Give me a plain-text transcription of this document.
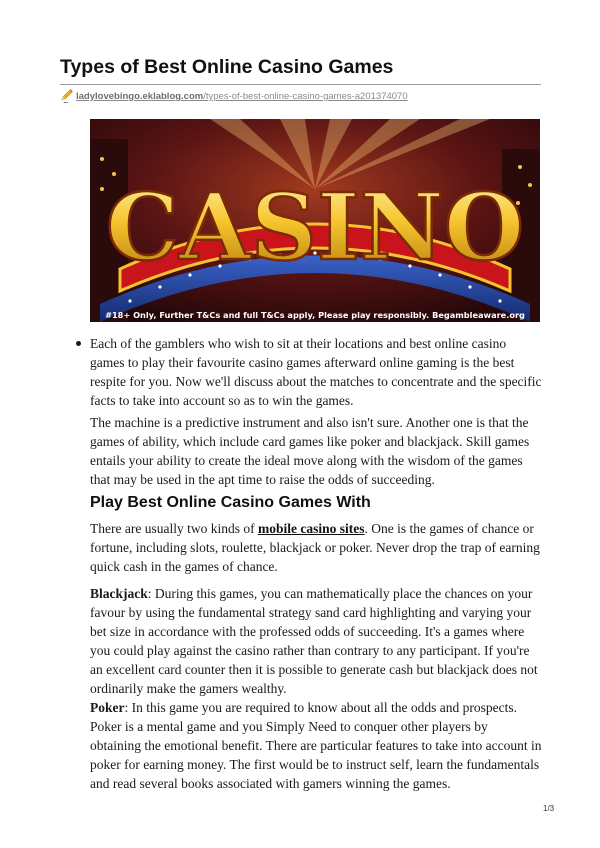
Types of Best Online Casino Games
... ladylovebingo.eklablog.com/types-of-best-online-casino-games-a201374070
CASINO
#18+ Only, Further T&Cs and full T&Cs apply, Please play responsibly. Begambleaware.org
Each of the gamblers who wish to sit at their locations and best online casino games to play their favourite casino games afterward online gaming is the best respite for you. Now we'll discuss about the matches to concentrate and the specific facts to take into account so as to win the games.

The machine is a predictive instrument and also isn't sure. Another one is that the games of ability, which include card games like poker and blackjack. Skill games entails your ability to create the ideal move along with the wisdom of the games that may be used in the apt time to raise the odds of succeeding.

Play Best Online Casino Games With

There are usually two kinds of mobile casino sites. One is the games of chance or fortune, including slots, roulette, blackjack or poker. Never drop the trap of earning quick cash in the games of chance.

Blackjack: During this games, you can mathematically place the chances on your favour by using the fundamental strategy sand card highlighting and varying your bet size in accordance with the professed odds of succeeding. It's a games where you could play against the casino rather than contrary to any participant. If you're an excellent card counter then it is possible to generate cash but blackjack does not ordinarily make the gamers wealthy.

Poker: In this game you are required to know about all the odds and prospects. Poker is a mental game and you Simply Need to conquer other players by obtaining the emotional benefit. There are particular features to take into account in poker for earning money. The first would be to instruct self, learn the fundamentals and read several books associated with gamers winning the games.

1/3
